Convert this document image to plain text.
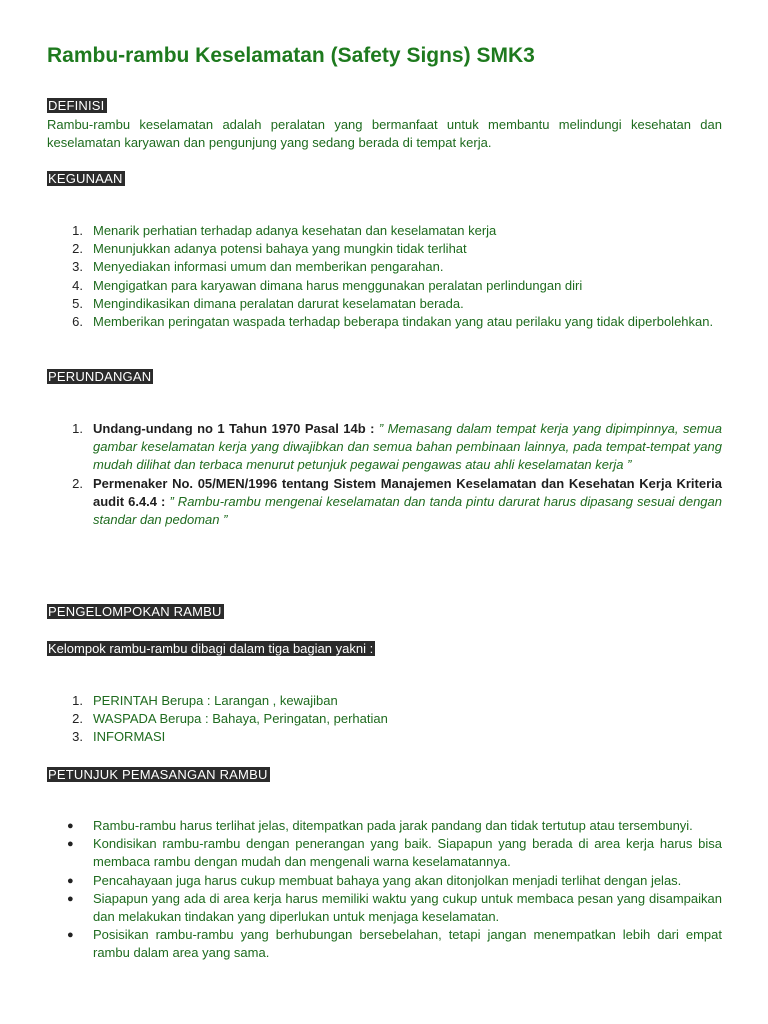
Rambu-rambu Keselamatan (Safety Signs) SMK3
DEFINISI

Rambu-rambu keselamatan adalah peralatan yang bermanfaat untuk membantu melindungi kesehatan dan keselamatan karyawan dan pengunjung yang sedang berada di tempat kerja.

KEGUNAAN
1. Menarik perhatian terhadap adanya kesehatan dan keselamatan kerja
2. Menunjukkan adanya potensi bahaya yang mungkin tidak terlihat
3. Menyediakan informasi umum dan memberikan pengarahan.
4. Mengigatkan para karyawan dimana harus menggunakan peralatan perlindungan diri
5. Mengindikasikan dimana peralatan darurat keselamatan berada.
6. Memberikan peringatan waspada terhadap beberapa tindakan yang atau perilaku yang tidak diperbolehkan.
PERUNDANGAN
1. Undang-undang no 1 Tahun 1970 Pasal 14b : ” Memasang dalam tempat kerja yang dipimpinnya, semua gambar keselamatan kerja yang diwajibkan dan semua bahan pembinaan lainnya, pada tempat-tempat yang mudah dilihat dan terbaca menurut petunjuk pegawai pengawas atau ahli keselamatan kerja ”
2. Permenaker No. 05/MEN/1996 tentang Sistem Manajemen Keselamatan dan Kesehatan Kerja Kriteria audit 6.4.4 : ” Rambu-rambu mengenai keselamatan dan tanda pintu darurat harus dipasang sesuai dengan standar dan pedoman ”
PENGELOMPOKAN RAMBU
Kelompok rambu-rambu dibagi dalam tiga bagian yakni :
1. PERINTAH Berupa : Larangan , kewajiban
2. WASPADA Berupa : Bahaya, Peringatan, perhatian
3. INFORMASI
PETUNJUK PEMASANGAN RAMBU
● Rambu-rambu harus terlihat jelas, ditempatkan pada jarak pandang dan tidak tertutup atau tersembunyi.
● Kondisikan rambu-rambu dengan penerangan yang baik. Siapapun yang berada di area kerja harus bisa membaca rambu dengan mudah dan mengenali warna keselamatannya.
● Pencahayaan juga harus cukup membuat bahaya yang akan ditonjolkan menjadi terlihat dengan jelas.
● Siapapun yang ada di area kerja harus memiliki waktu yang cukup untuk membaca pesan yang disampaikan dan melakukan tindakan yang diperlukan untuk menjaga keselamatan.
● Posisikan rambu-rambu yang berhubungan bersebelahan, tetapi jangan menempatkan lebih dari empat rambu dalam area yang sama.
